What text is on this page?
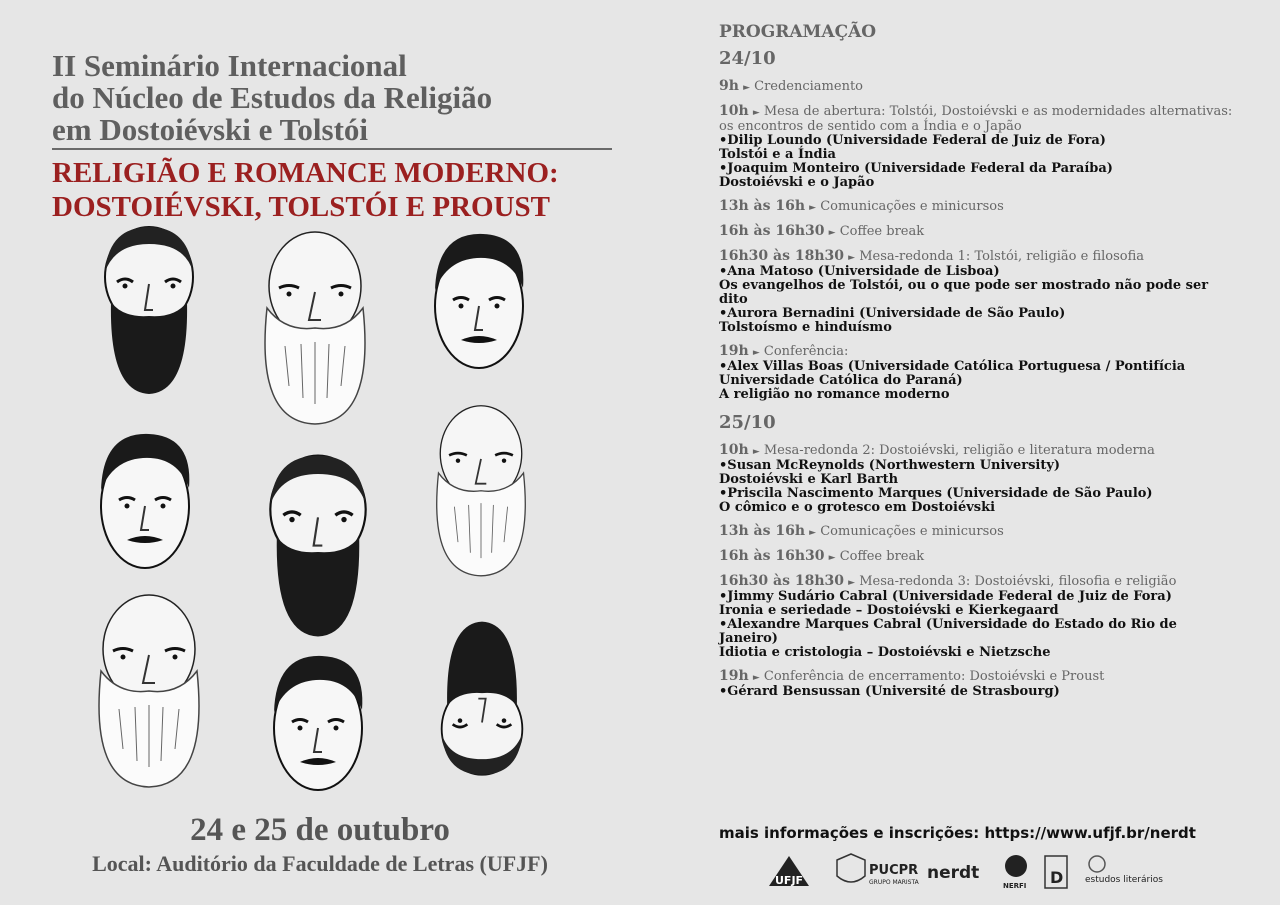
II Seminário Internacional
do Núcleo de Estudos da Religião
em Dostoiévski e Tolstói
RELIGIÃO E ROMANCE MODERNO:
DOSTOIÉVSKI, TOLSTÓI E PROUST
24 e 25 de outubro
Local: Auditório da Faculdade de Letras (UFJF)
PROGRAMAÇÃO
24/10
9h ► Credenciamento
10h ► Mesa de abertura: Tolstói, Dostoiévski e as modernidades alternativas: os encontros de sentido com a Índia e o Japão
•Dilip Loundo (Universidade Federal de Juiz de Fora)
Tolstói e a Índia
•Joaquim Monteiro (Universidade Federal da Paraíba)
Dostoiévski e o Japão
13h às 16h ► Comunicações e minicursos
16h às 16h30 ► Coffee break
16h30 às 18h30 ► Mesa-redonda 1: Tolstói, religião e filosofia
•Ana Matoso (Universidade de Lisboa)
Os evangelhos de Tolstói, ou o que pode ser mostrado não pode ser dito
•Aurora Bernadini (Universidade de São Paulo)
Tolstoísmo e hinduísmo
19h ► Conferência:
•Alex Villas Boas (Universidade Católica Portuguesa / Pontifícia Universidade Católica do Paraná)
A religião no romance moderno
25/10
10h ► Mesa-redonda 2: Dostoiévski, religião e literatura moderna
•Susan McReynolds (Northwestern University)
Dostoiévski e Karl Barth
•Priscila Nascimento Marques (Universidade de São Paulo)
O cômico e o grotesco em Dostoiévski
13h às 16h ► Comunicações e minicursos
16h às 16h30 ► Coffee break
16h30 às 18h30 ► Mesa-redonda 3: Dostoiévski, filosofia e religião
•Jimmy Sudário Cabral (Universidade Federal de Juiz de Fora)
Ironia e seriedade – Dostoiévski e Kierkegaard
•Alexandre Marques Cabral (Universidade do Estado do Rio de Janeiro)
Idiotia e cristologia – Dostoiévski e Nietzsche
19h ► Conferência de encerramento: Dostoiévski e Proust
•Gérard Bensussan (Université de Strasbourg)
mais informações e inscrições: https://www.ufjf.br/nerdt
UFJF
PUCPR
GRUPO MARISTA nerdt
NERFI D estudos literários
